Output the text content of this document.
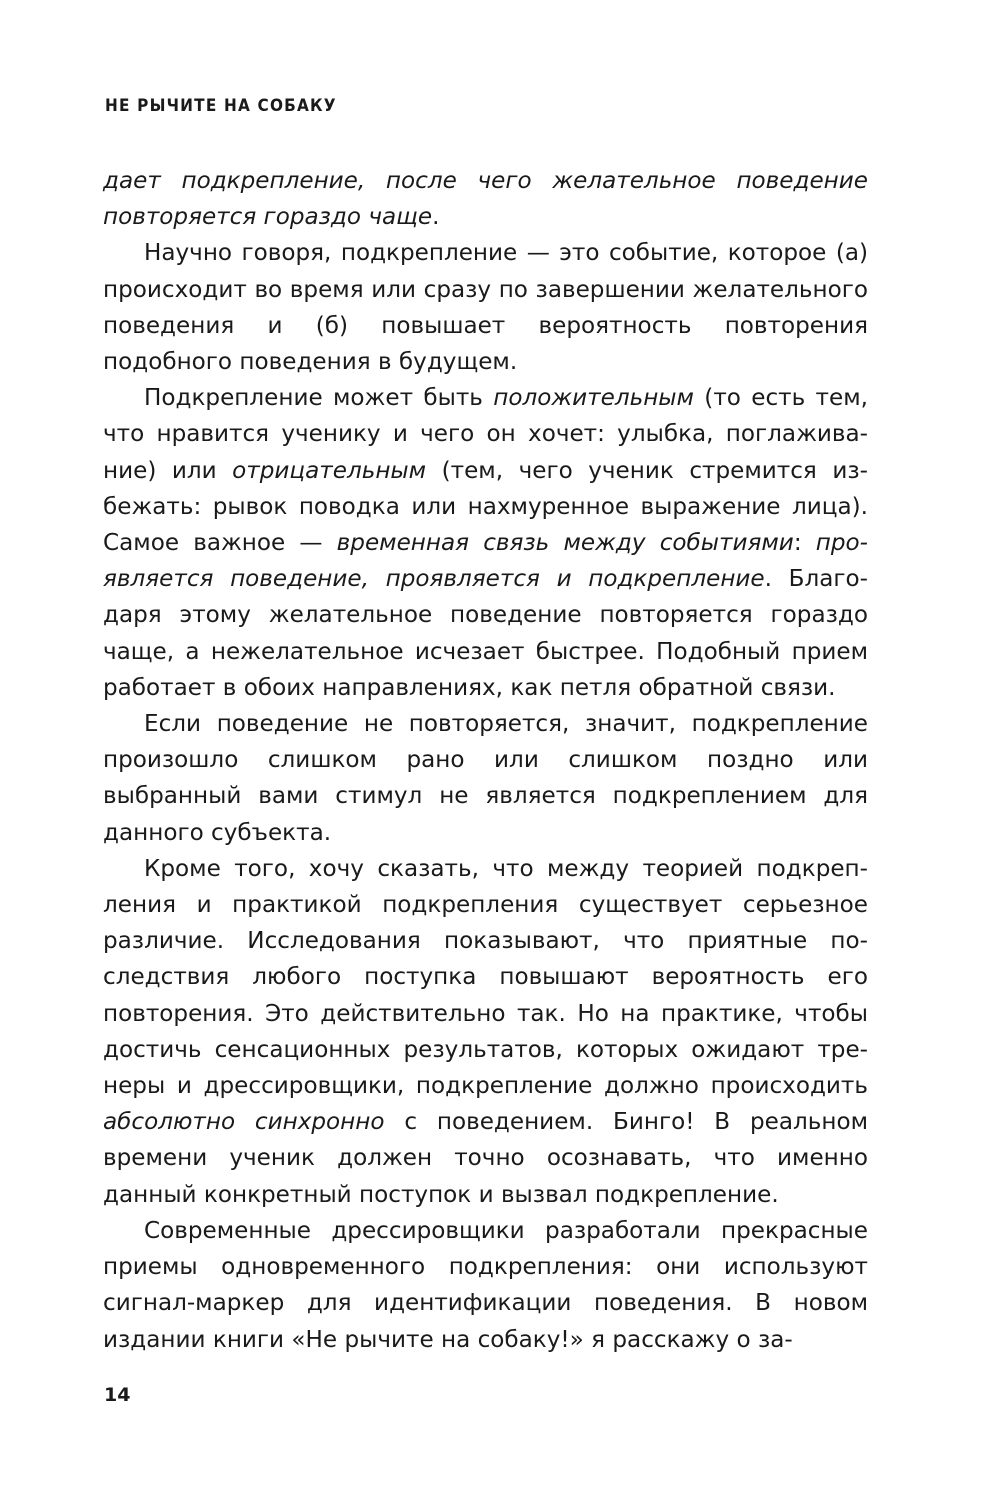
НЕ РЫЧИТЕ НА СОБАКУ

дает подкрепление, после чего желательное поведение повторяется гораздо чаще.

Научно говоря, подкрепление — это событие, которое (а) происходит во время или сразу по завершении желательного поведения и (б) повышает вероятность повторения подобного поведения в будущем.

Подкрепление может быть положительным (то есть тем, что нравится ученику и чего он хочет: улыбка, поглаживание) или отрицательным (тем, чего ученик стремится избежать: рывок поводка или нахмуренное выражение лица). Самое важное — временная связь между событиями: проявляется поведение, проявляется и подкрепление. Благодаря этому желательное поведение повторяется гораздо чаще, а нежелательное исчезает быстрее. Подобный прием работает в обоих направлениях, как петля обратной связи.

Если поведение не повторяется, значит, подкрепление произошло слишком рано или слишком поздно или выбранный вами стимул не является подкреплением для данного субъекта.

Кроме того, хочу сказать, что между теорией подкрепления и практикой подкрепления существует серьезное различие. Исследования показывают, что приятные последствия любого поступка повышают вероятность его повторения. Это действительно так. Но на практике, чтобы достичь сенсационных результатов, которых ожидают тренеры и дрессировщики, подкрепление должно происходить абсолютно синхронно с поведением. Бинго! В реальном времени ученик должен точно осознавать, что именно данный конкретный поступок и вызвал подкрепление.

Современные дрессировщики разработали прекрасные приемы одновременного подкрепления: они используют сигнал-маркер для идентификации поведения. В новом издании книги «Не рычите на собаку!» я расскажу о за-

14
